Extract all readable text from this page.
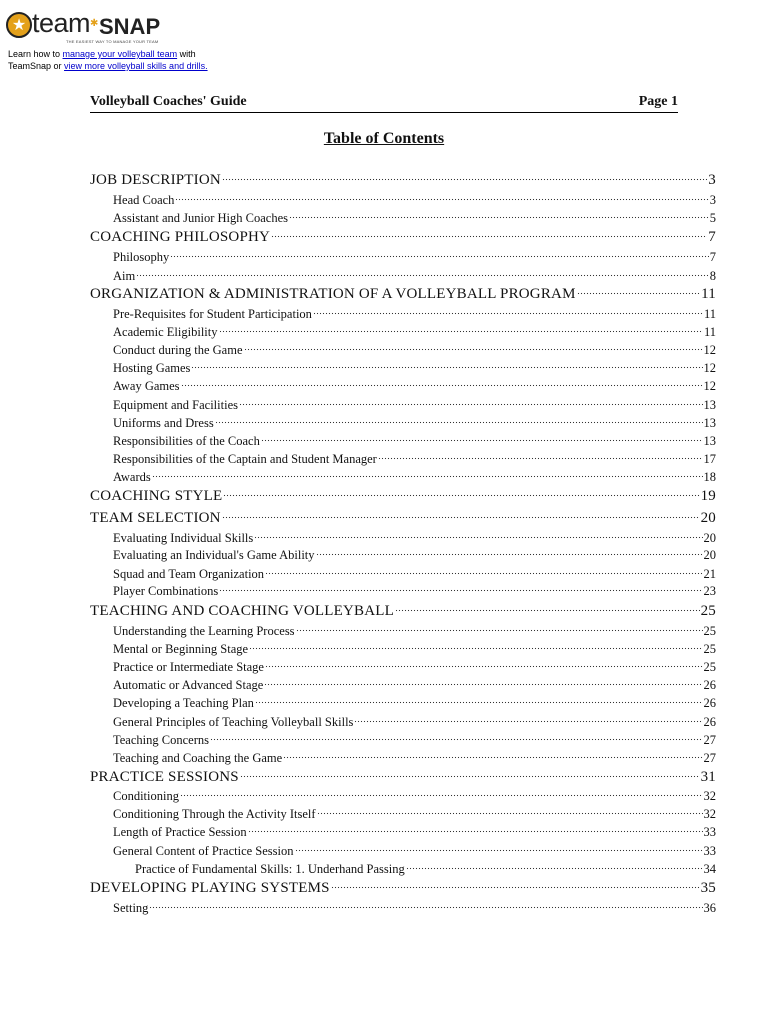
★ team ✱ SNAP
THE EASIEST WAY TO MANAGE YOUR TEAM
Learn how to manage your volleyball team with
TeamSnap or view more volleyball skills and drills.
Volleyball Coaches' Guide	Page 1
Table of Contents
JOB DESCRIPTION	3
Head Coach	3
Assistant and Junior High Coaches	5
COACHING PHILOSOPHY	7
Philosophy	7
Aim	8
ORGANIZATION & ADMINISTRATION OF A VOLLEYBALL PROGRAM	11
Pre-Requisites for Student Participation	11
Academic Eligibility	11
Conduct during the Game	12
Hosting Games	12
Away Games	12
Equipment and Facilities	13
Uniforms and Dress	13
Responsibilities of the Coach	13
Responsibilities of the Captain and Student Manager	17
Awards	18
COACHING STYLE	19
TEAM SELECTION	20
Evaluating Individual Skills	20
Evaluating an Individual's Game Ability	20
Squad and Team Organization	21
Player Combinations	23
TEACHING AND COACHING VOLLEYBALL	25
Understanding the Learning Process	25
Mental or Beginning Stage	25
Practice or Intermediate Stage	25
Automatic or Advanced Stage	26
Developing a Teaching Plan	26
General Principles of Teaching Volleyball Skills	26
Teaching Concerns	27
Teaching and Coaching the Game	27
PRACTICE SESSIONS	31
Conditioning	32
Conditioning Through the Activity Itself	32
Length of Practice Session	33
General Content of Practice Session	33
Practice of Fundamental Skills: 1. Underhand Passing	34
DEVELOPING PLAYING SYSTEMS	35
Setting	36
